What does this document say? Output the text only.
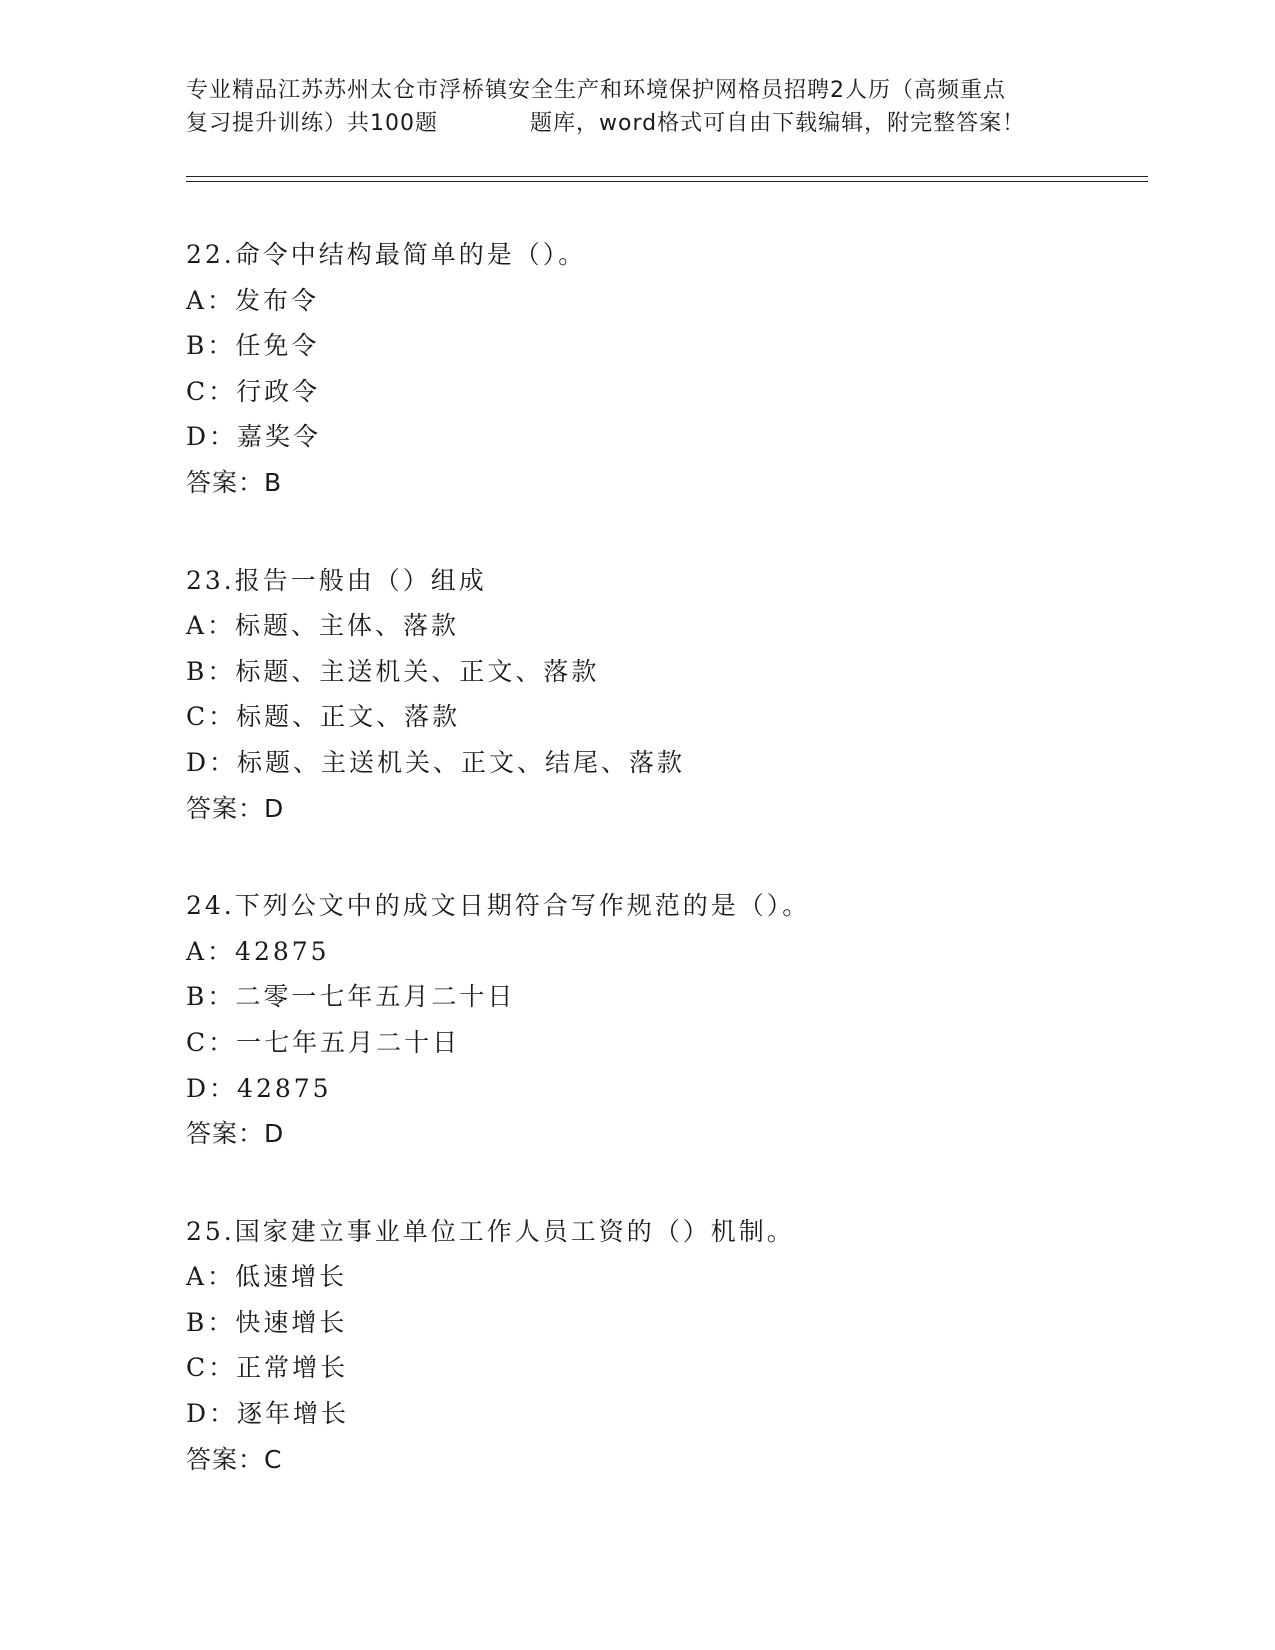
专业精品江苏苏州太仓市浮桥镇安全生产和环境保护网格员招聘2人历（高频重点
复习提升训练）共100题　　　　题库，word格式可自由下载编辑，附完整答案！
22.命令中结构最简单的是（）。
A：发布令
B：任免令
C：行政令
D：嘉奖令
答案：B
23.报告一般由（）组成
A：标题、主体、落款
B：标题、主送机关、正文、落款
C：标题、正文、落款
D：标题、主送机关、正文、结尾、落款
答案：D
24.下列公文中的成文日期符合写作规范的是（）。
A：42875
B：二零一七年五月二十日
C：一七年五月二十日
D：42875
答案：D
25.国家建立事业单位工作人员工资的（）机制。
A：低速增长
B：快速增长
C：正常增长
D：逐年增长
答案：C
